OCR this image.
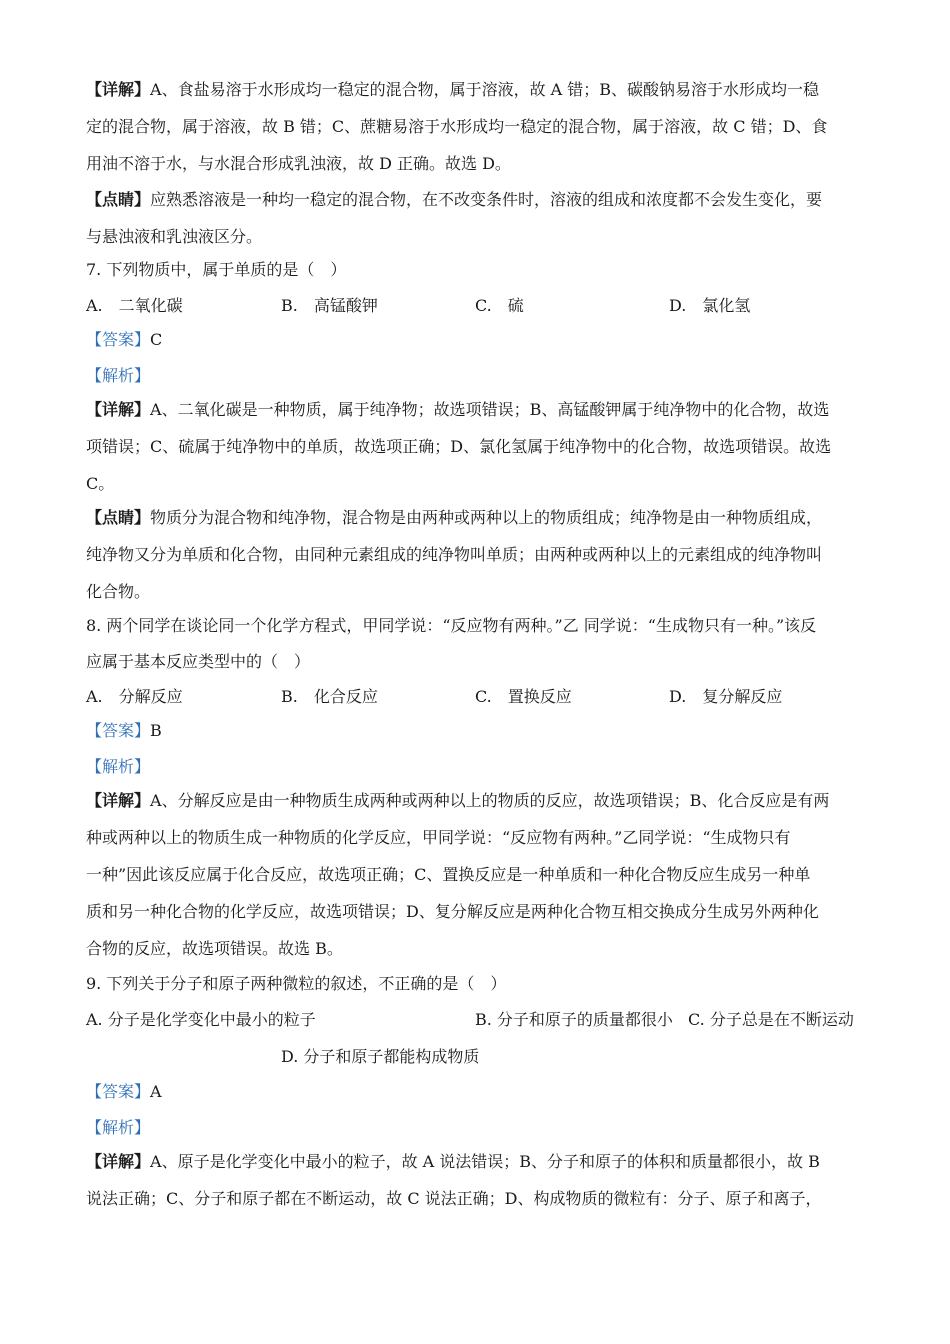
【详解】A、食盐易溶于水形成均一稳定的混合物，属于溶液，故 A 错；B、碳酸钠易溶于水形成均一稳
定的混合物，属于溶液，故 B 错；C、蔗糖易溶于水形成均一稳定的混合物，属于溶液，故 C 错；D、食
用油不溶于水，与水混合形成乳浊液，故 D 正确。故选 D。
【点睛】应熟悉溶液是一种均一稳定的混合物，在不改变条件时，溶液的组成和浓度都不会发生变化，要
与悬浊液和乳浊液区分。
7. 下列物质中，属于单质的是（　）
A.　二氧化碳	B.　高锰酸钾	C.　硫	D.　氯化氢
【答案】C
【解析】
【详解】A、二氧化碳是一种物质，属于纯净物；故选项错误；B、高锰酸钾属于纯净物中的化合物，故选
项错误；C、硫属于纯净物中的单质，故选项正确；D、氯化氢属于纯净物中的化合物，故选项错误。故选
C。
【点睛】物质分为混合物和纯净物，混合物是由两种或两种以上的物质组成；纯净物是由一种物质组成，
纯净物又分为单质和化合物，由同种元素组成的纯净物叫单质；由两种或两种以上的元素组成的纯净物叫
化合物。
8. 两个同学在谈论同一个化学方程式，甲同学说：“反应物有两种。”乙 同学说：“生成物只有一种。”该反
应属于基本反应类型中的（　）
A.　分解反应	B.　化合反应	C.　置换反应	D.　复分解反应
【答案】B
【解析】
【详解】A、分解反应是由一种物质生成两种或两种以上的物质的反应，故选项错误；B、化合反应是有两
种或两种以上的物质生成一种物质的化学反应，甲同学说：“反应物有两种。”乙同学说：“生成物只有
一种”因此该反应属于化合反应，故选项正确；C、置换反应是一种单质和一种化合物反应生成另一种单
质和另一种化合物的化学反应，故选项错误；D、复分解反应是两种化合物互相交换成分生成另外两种化
合物的反应，故选项错误。故选 B。
9. 下列关于分子和原子两种微粒的叙述，不正确的是（　）
A. 分子是化学变化中最小的粒子	B. 分子和原子的质量都很小 C. 分子总是在不断运动
D. 分子和原子都能构成物质
【答案】A
【解析】
【详解】A、原子是化学变化中最小的粒子，故 A 说法错误；B、分子和原子的体积和质量都很小，故 B
说法正确；C、分子和原子都在不断运动，故 C 说法正确；D、构成物质的微粒有：分子、原子和离子，
